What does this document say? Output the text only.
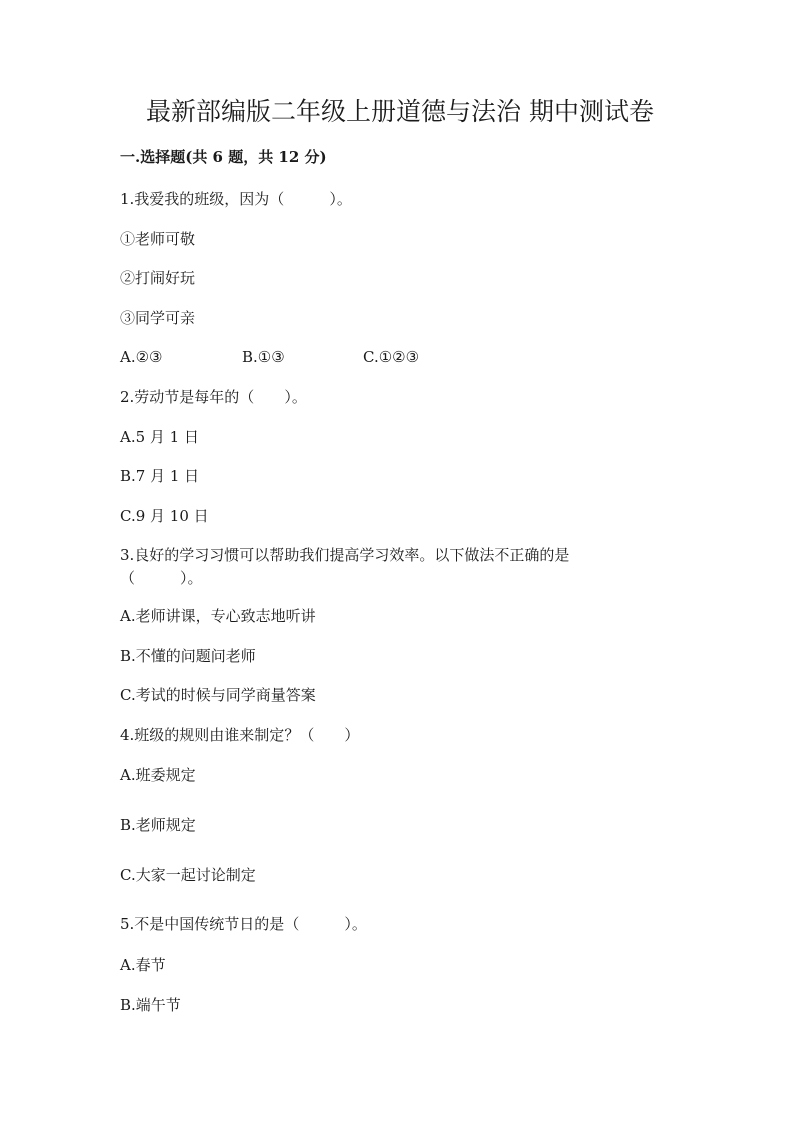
最新部编版二年级上册道德与法治 期中测试卷
一.选择题(共 6 题，共 12 分)
1.我爱我的班级，因为（　　　）。
①老师可敬
②打闹好玩
③同学可亲
A.②③	B.①③	C.①②③
2.劳动节是每年的（　　）。
A.5 月 1 日
B.7 月 1 日
C.9 月 10 日
3.良好的学习习惯可以帮助我们提高学习效率。以下做法不正确的是
（　　　）。
A.老师讲课，专心致志地听讲
B.不懂的问题问老师
C.考试的时候与同学商量答案
4.班级的规则由谁来制定？（　　）
A.班委规定
B.老师规定
C.大家一起讨论制定
5.不是中国传统节日的是（　　　）。
A.春节
B.端午节
